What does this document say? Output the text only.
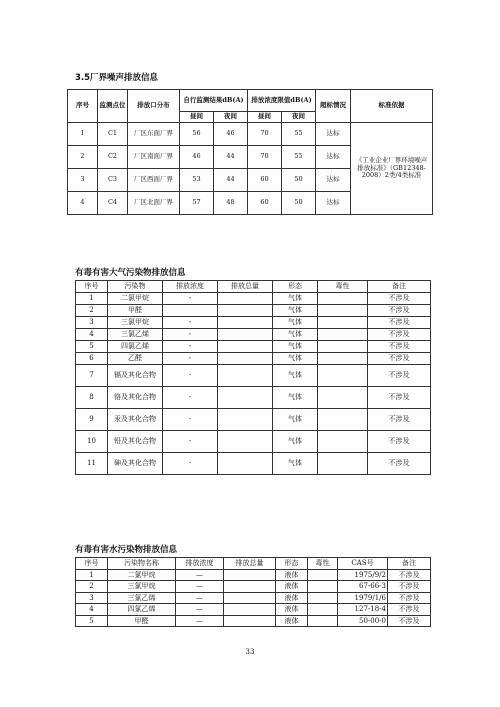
3.5厂界噪声排放信息
序号	监测点位	排放口分布	自行监测结果dB(A)		排放浓度限值dB(A)		超标情况	标准依据
			昼间	夜间	昼间	夜间		
1	C1	厂区东面厂界	56	46	70	55	达标	《工业企业厂界环境噪声排放标准》（GB12348-2008）2类/4类标准
2	C2	厂区南面厂界	46	44	70	55	达标	
3	C3	厂区西面厂界	53	44	60	50	达标	
4	C4	厂区北面厂界	57	48	60	50	达标	
有毒有害大气污染物排放信息
序号	污染物	排放浓度	排放总量	形态	毒性	备注
1	二氯甲烷	-		气体		不涉及
2	甲醛			气体		不涉及
3	三氯甲烷	-		气体		不涉及
4	三氯乙烯	-		气体		不涉及
5	四氯乙烯	-		气体		不涉及
6	乙醛	-		气体		不涉及
7	镉及其化合物	-		气体		不涉及
8	铬及其化合物	-		气体		不涉及
9	汞及其化合物	-		气体		不涉及
10	铅及其化合物	-		气体		不涉及
11	砷及其化合物	-		气体		不涉及
有毒有害水污染物排放信息
序号	污染物名称	排放浓度	排放总量	形态	毒性	CAS号	备注
1	二氯甲烷	—		液体		1975/9/2	不涉及
2	三氯甲烷	—		液体		67-66-3	不涉及
3	三氯乙烯	—		液体		1979/1/6	不涉及
4	四氯乙烯	—		液体		127-18-4	不涉及
5	甲醛	—		液体		50-00-0	不涉及
33
